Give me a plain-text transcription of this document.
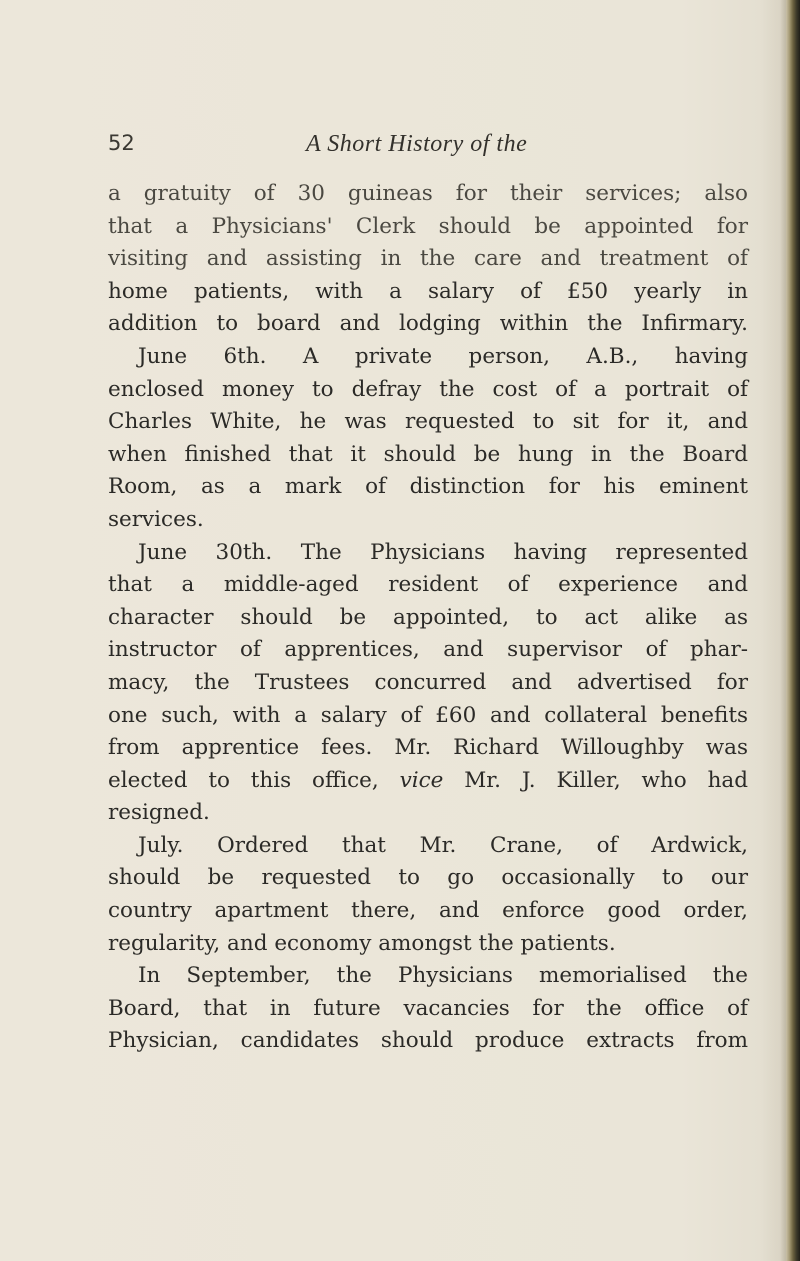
52	A Short History of the
a gratuity of 30 guineas for their services; also
that a Physicians' Clerk should be appointed for
visiting and assisting in the care and treatment of
home patients, with a salary of £50 yearly in
addition to board and lodging within the Infirmary.
June 6th. A private person, A.B., having
enclosed money to defray the cost of a portrait of
Charles White, he was requested to sit for it, and
when finished that it should be hung in the Board
Room, as a mark of distinction for his eminent
services.
June 30th. The Physicians having represented
that a middle-aged resident of experience and
character should be appointed, to act alike as
instructor of apprentices, and supervisor of phar-
macy, the Trustees concurred and advertised for
one such, with a salary of £60 and collateral benefits
from apprentice fees. Mr. Richard Willoughby was
elected to this office, vice Mr. J. Killer, who had
resigned.
July. Ordered that Mr. Crane, of Ardwick,
should be requested to go occasionally to our
country apartment there, and enforce good order,
regularity, and economy amongst the patients.
In September, the Physicians memorialised the
Board, that in future vacancies for the office of
Physician, candidates should produce extracts from
